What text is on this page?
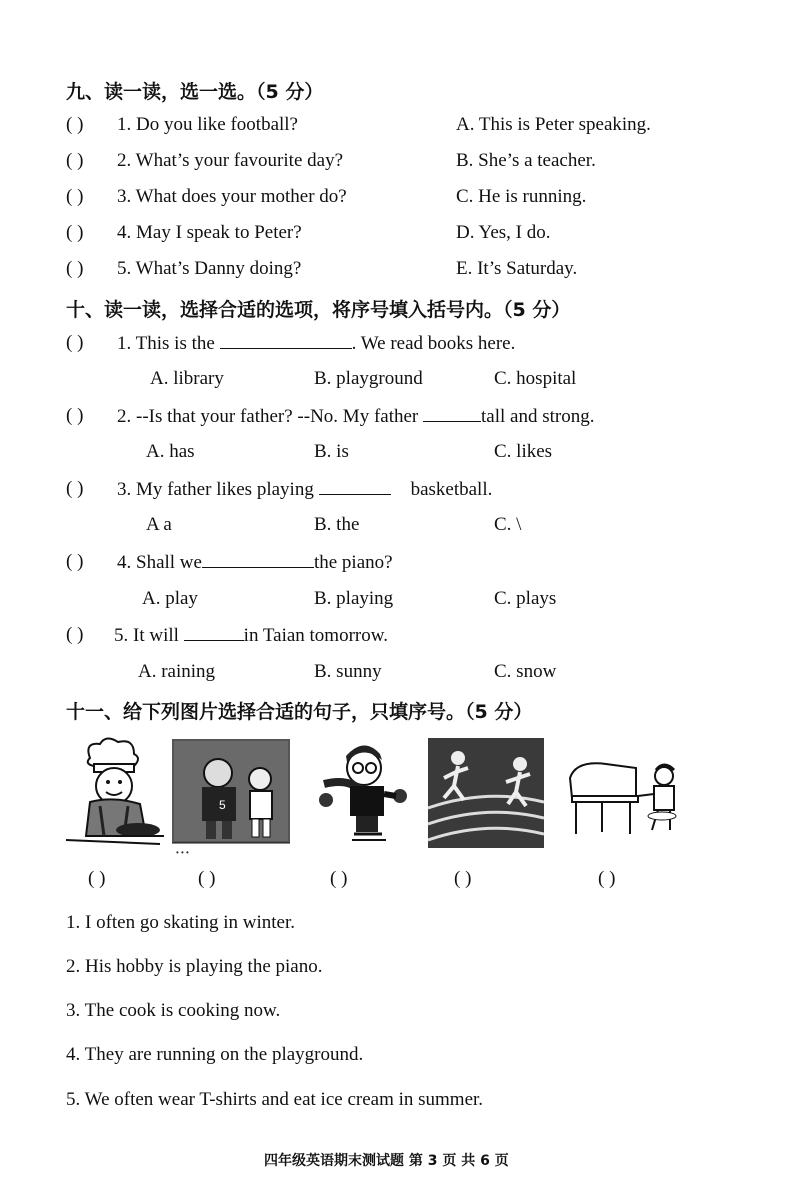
九、读一读，选一选。（5 分）
( ) 1. Do you like football?	A. This is Peter speaking.
( ) 2. What’s your favourite day?	B. She’s a teacher.
( ) 3. What does your mother do?	C. He is running.
( ) 4. May I speak to Peter?	D. Yes, I do.
( ) 5. What’s Danny doing?	E. It’s Saturday.
十、读一读，选择合适的选项，将序号填入括号内。（5 分）
( ) 1. This is the	. We read books here.
A. library	B. playground	C. hospital
( ) 2. --Is that your father? --No. My father	tall and strong.
A. has	B. is	C. likes
( ) 3. My father likes playing	basketball.
A a	B. the	C. \
( ) 4. Shall we	the piano?
A. play	B. playing	C. plays
( ) 5. It will	in Taian tomorrow.
A. raining	B. sunny	C. snow
十一、给下列图片选择合适的句子，只填序号。（5 分）
5
• • •
( )	( )	( )	( )	( )
1. I often go skating in winter.
2. His hobby is playing the piano.
3. The cook is cooking now.
4. They are running on the playground.
5. We often wear T-shirts and eat ice cream in summer.
四年级英语期末测试题 第 3 页 共 6 页
